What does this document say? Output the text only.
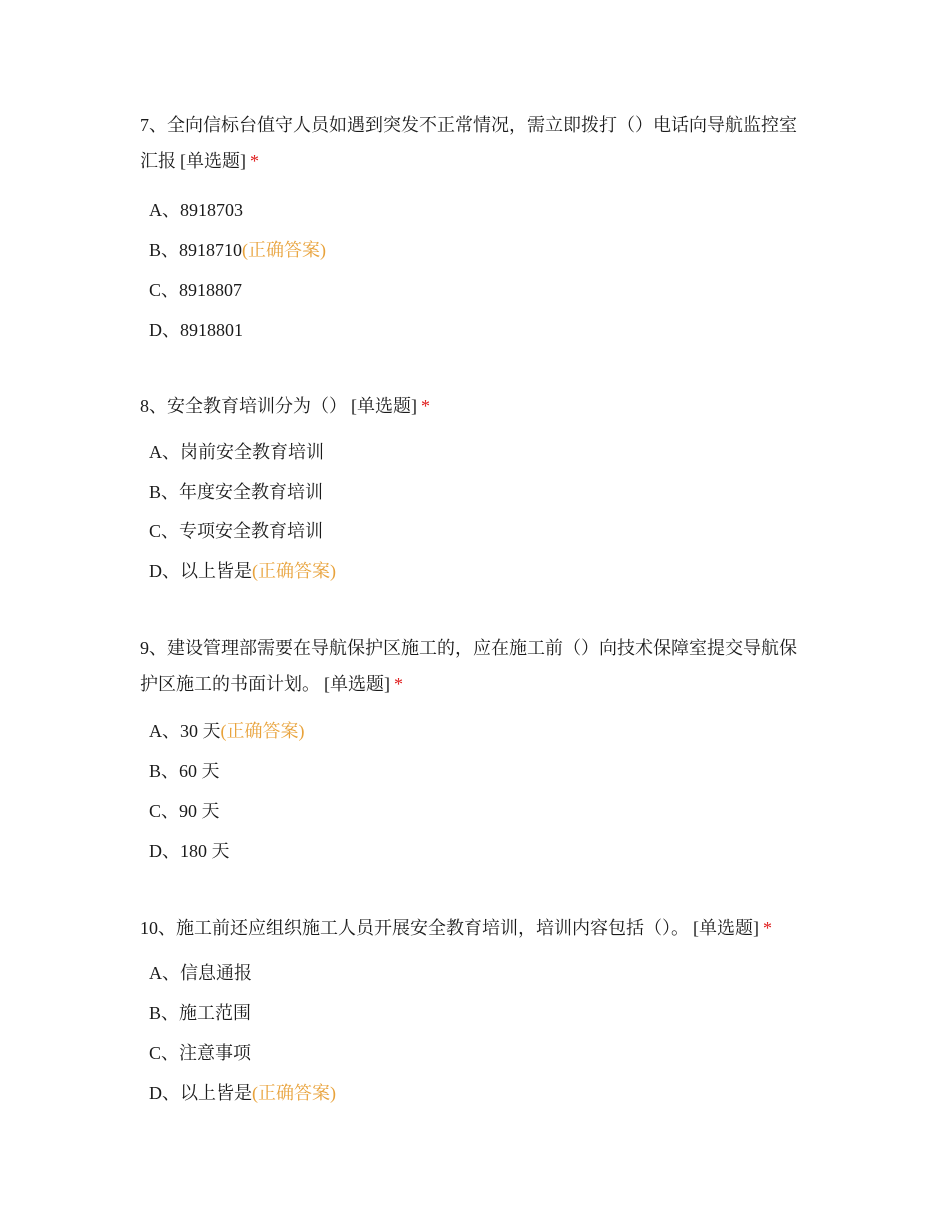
7、全向信标台值守人员如遇到突发不正常情况，需立即拨打（）电话向导航监控室汇报 [单选题] *

A、8918703
B、8918710(正确答案)
C、8918807
D、8918801

8、安全教育培训分为（） [单选题] *

A、岗前安全教育培训
B、年度安全教育培训
C、专项安全教育培训
D、以上皆是(正确答案)

9、建设管理部需要在导航保护区施工的，应在施工前（）向技术保障室提交导航保护区施工的书面计划。 [单选题] *

A、30 天(正确答案)
B、60 天
C、90 天
D、180 天

10、施工前还应组织施工人员开展安全教育培训，培训内容包括（）。 [单选题] *

A、信息通报
B、施工范围
C、注意事项
D、以上皆是(正确答案)
